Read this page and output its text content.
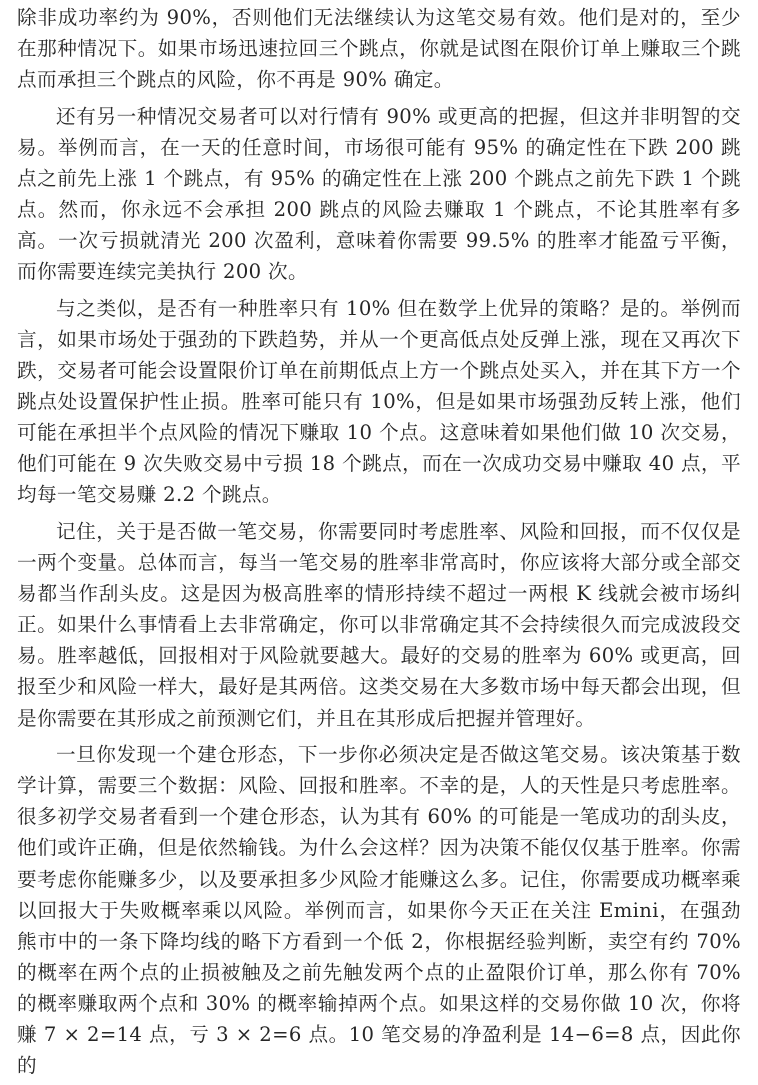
除非成功率约为 90%，否则他们无法继续认为这笔交易有效。他们是对的，至少在那种情况下。如果市场迅速拉回三个跳点，你就是试图在限价订单上赚取三个跳点而承担三个跳点的风险，你不再是 90% 确定。

还有另一种情况交易者可以对行情有 90% 或更高的把握，但这并非明智的交易。举例而言，在一天的任意时间，市场很可能有 95% 的确定性在下跌 200 跳点之前先上涨 1 个跳点，有 95% 的确定性在上涨 200 个跳点之前先下跌 1 个跳点。然而，你永远不会承担 200 跳点的风险去赚取 1 个跳点，不论其胜率有多高。一次亏损就清光 200 次盈利，意味着你需要 99.5% 的胜率才能盈亏平衡，而你需要连续完美执行 200 次。

与之类似，是否有一种胜率只有 10% 但在数学上优异的策略？是的。举例而言，如果市场处于强劲的下跌趋势，并从一个更高低点处反弹上涨，现在又再次下跌，交易者可能会设置限价订单在前期低点上方一个跳点处买入，并在其下方一个跳点处设置保护性止损。胜率可能只有 10%，但是如果市场强劲反转上涨，他们可能在承担半个点风险的情况下赚取 10 个点。这意味着如果他们做 10 次交易，他们可能在 9 次失败交易中亏损 18 个跳点，而在一次成功交易中赚取 40 点，平均每一笔交易赚 2.2 个跳点。

记住，关于是否做一笔交易，你需要同时考虑胜率、风险和回报，而不仅仅是一两个变量。总体而言，每当一笔交易的胜率非常高时，你应该将大部分或全部交易都当作刮头皮。这是因为极高胜率的情形持续不超过一两根 K 线就会被市场纠正。如果什么事情看上去非常确定，你可以非常确定其不会持续很久而完成波段交易。胜率越低，回报相对于风险就要越大。最好的交易的胜率为 60% 或更高，回报至少和风险一样大，最好是其两倍。这类交易在大多数市场中每天都会出现，但是你需要在其形成之前预测它们，并且在其形成后把握并管理好。

一旦你发现一个建仓形态，下一步你必须决定是否做这笔交易。该决策基于数学计算，需要三个数据：风险、回报和胜率。不幸的是，人的天性是只考虑胜率。很多初学交易者看到一个建仓形态，认为其有 60% 的可能是一笔成功的刮头皮，他们或许正确，但是依然输钱。为什么会这样？因为决策不能仅仅基于胜率。你需要考虑你能赚多少，以及要承担多少风险才能赚这么多。记住，你需要成功概率乘以回报大于失败概率乘以风险。举例而言，如果你今天正在关注 Emini，在强劲熊市中的一条下降均线的略下方看到一个低 2，你根据经验判断，卖空有约 70% 的概率在两个点的止损被触及之前先触发两个点的止盈限价订单，那么你有 70% 的概率赚取两个点和 30% 的概率输掉两个点。如果这样的交易你做 10 次，你将赚 7 × 2=14 点，亏 3 × 2=6 点。10 笔交易的净盈利是 14−6=8 点，因此你的
